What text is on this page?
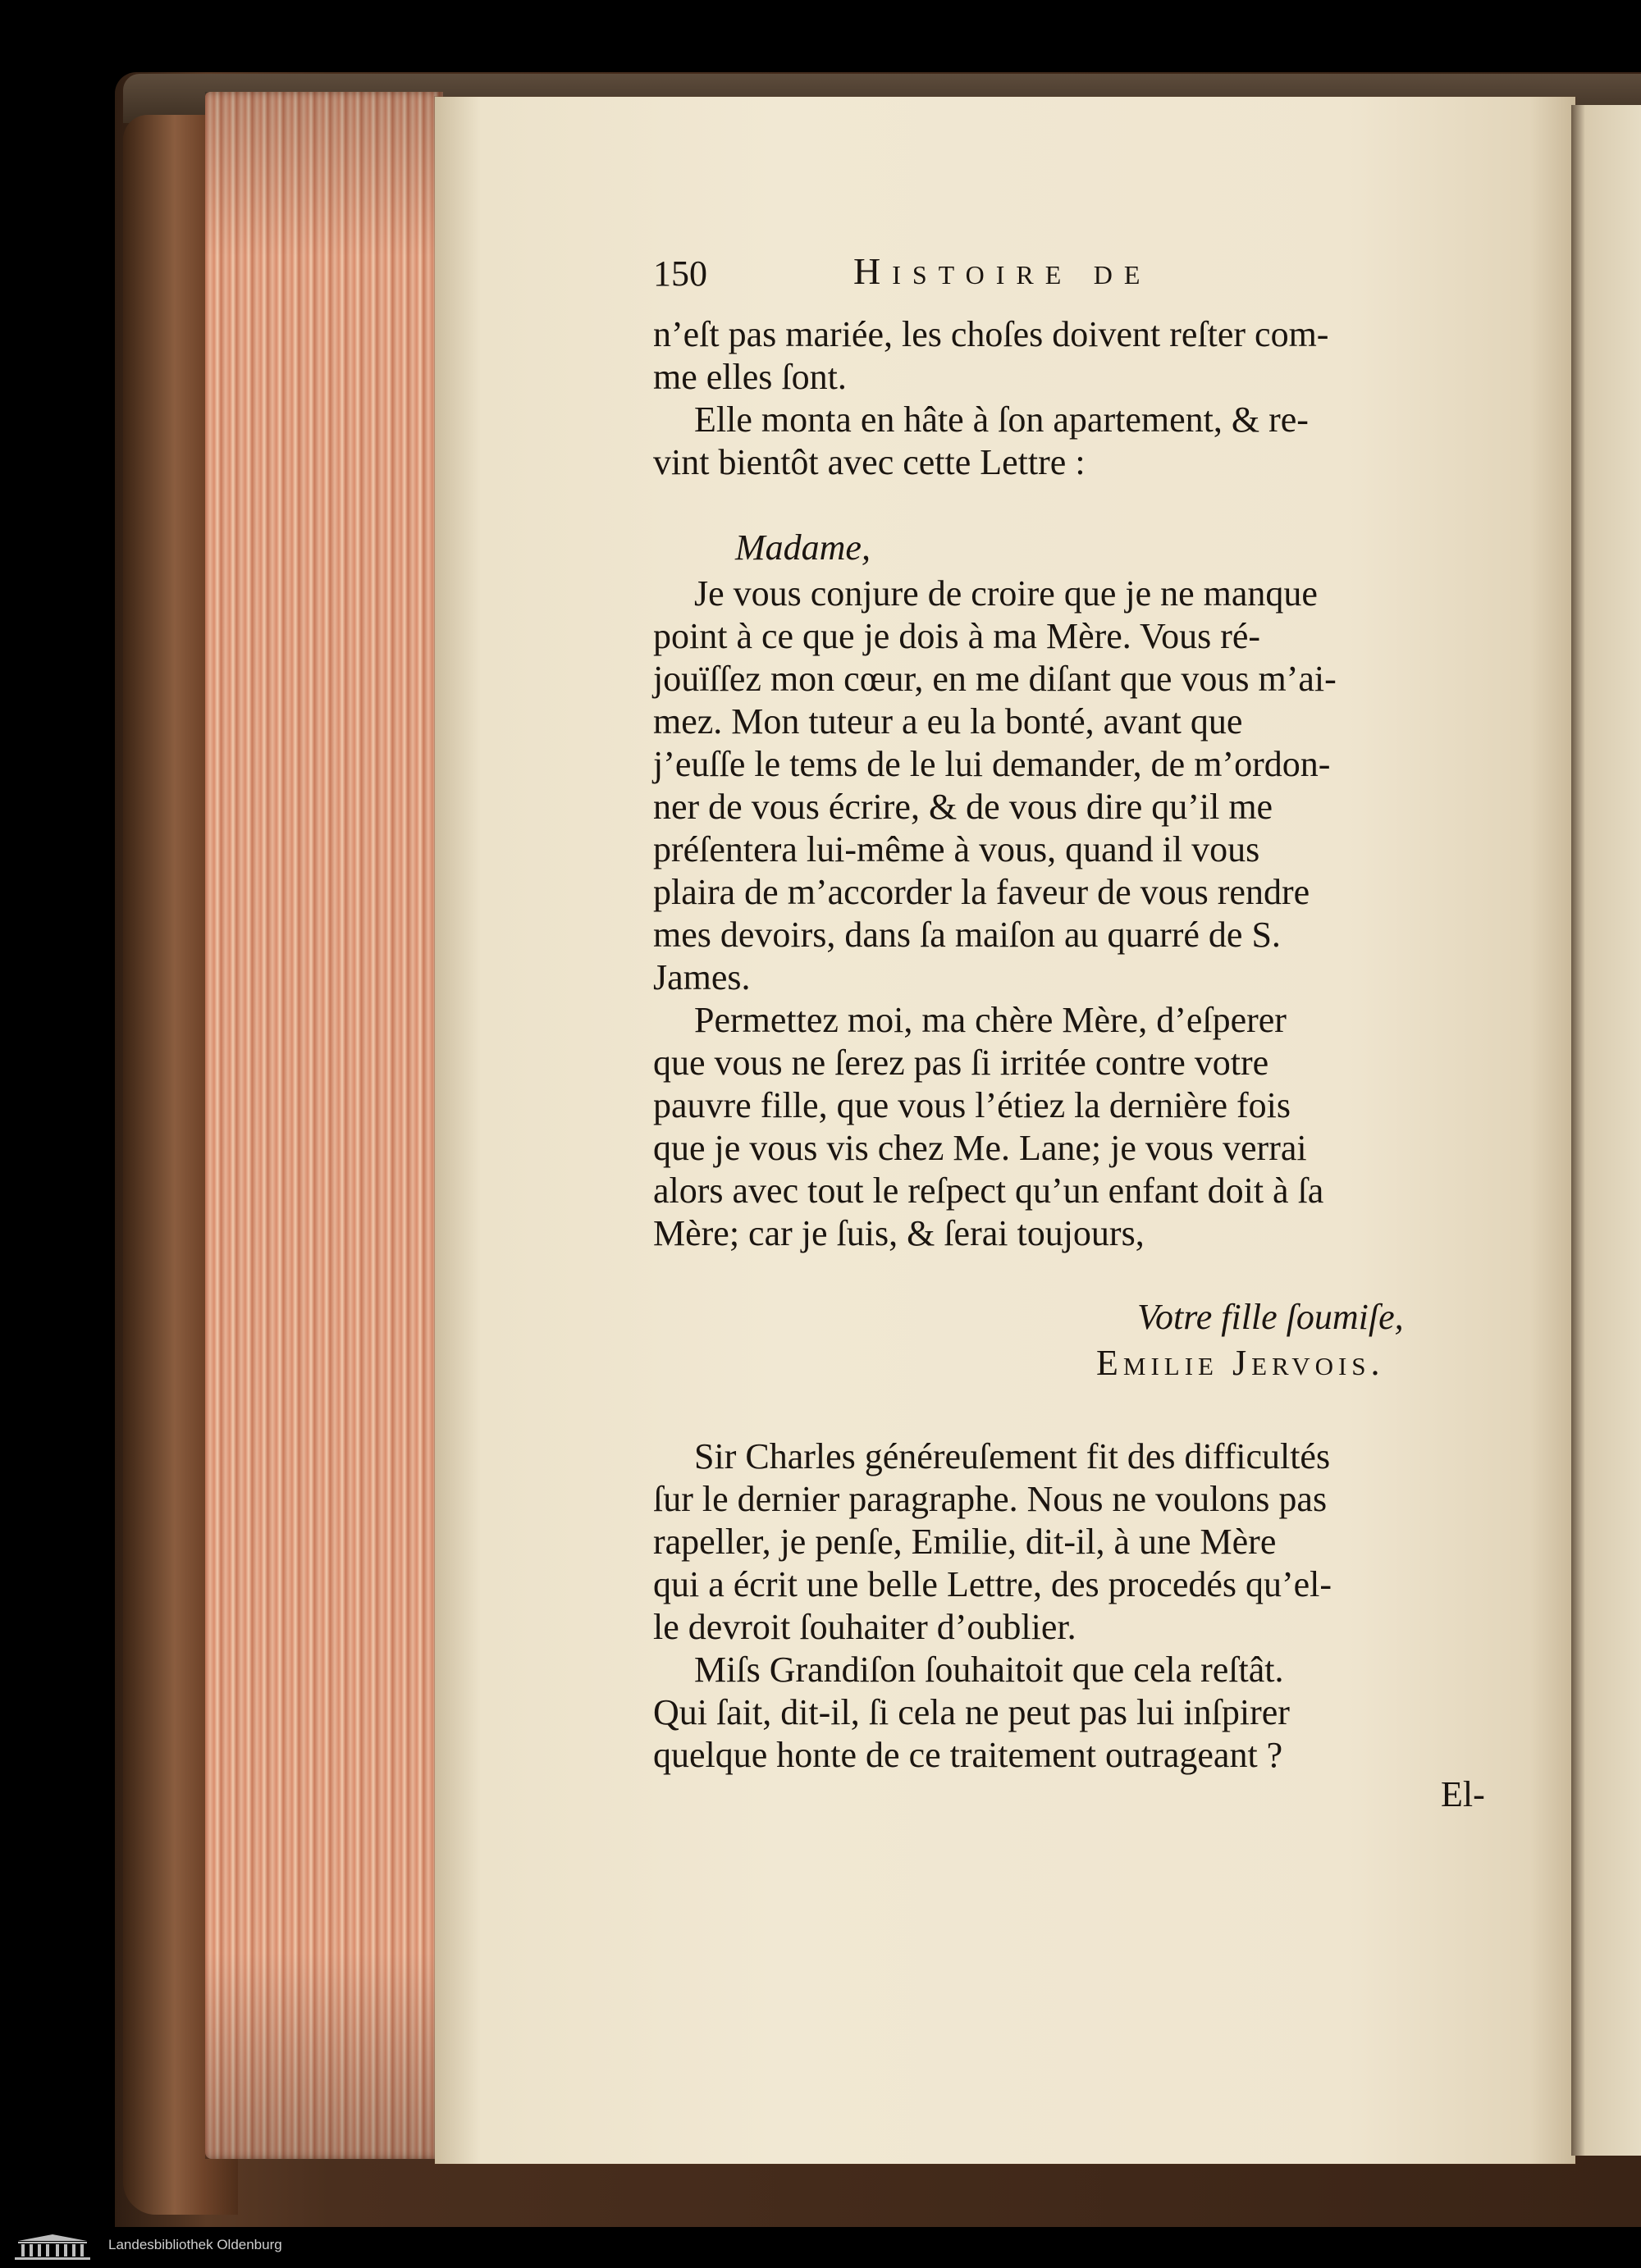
150	Histoire de
n’eſt pas mariée, les choſes doivent reſter com-
me elles ſont.
Elle monta en hâte à ſon apartement, & re-
vint bientôt avec cette Lettre :
Madame,
Je vous conjure de croire que je ne manque
point à ce que je dois à ma Mère. Vous ré-
jouïſſez mon cœur, en me diſant que vous m’ai-
mez. Mon tuteur a eu la bonté, avant que
j’euſſe le tems de le lui demander, de m’ordon-
ner de vous écrire, & de vous dire qu’il me
préſentera lui-même à vous, quand il vous
plaira de m’accorder la faveur de vous rendre
mes devoirs, dans ſa maiſon au quarré de S.
James.
Permettez moi, ma chère Mère, d’eſperer
que vous ne ſerez pas ſi irritée contre votre
pauvre fille, que vous l’étiez la dernière fois
que je vous vis chez Me. Lane; je vous verrai
alors avec tout le reſpect qu’un enfant doit à ſa
Mère; car je ſuis, & ſerai toujours,
Votre fille ſoumiſe,
Emilie Jervois.
Sir Charles généreuſement fit des difficultés
ſur le dernier paragraphe. Nous ne voulons pas
rapeller, je penſe, Emilie, dit-il, à une Mère
qui a écrit une belle Lettre, des procedés qu’el-
le devroit ſouhaiter d’oublier.
Miſs Grandiſon ſouhaitoit que cela reſtât.
Qui ſait, dit-il, ſi cela ne peut pas lui inſpirer
quelque honte de ce traitement outrageant ?
El-
Landesbibliothek Oldenburg
